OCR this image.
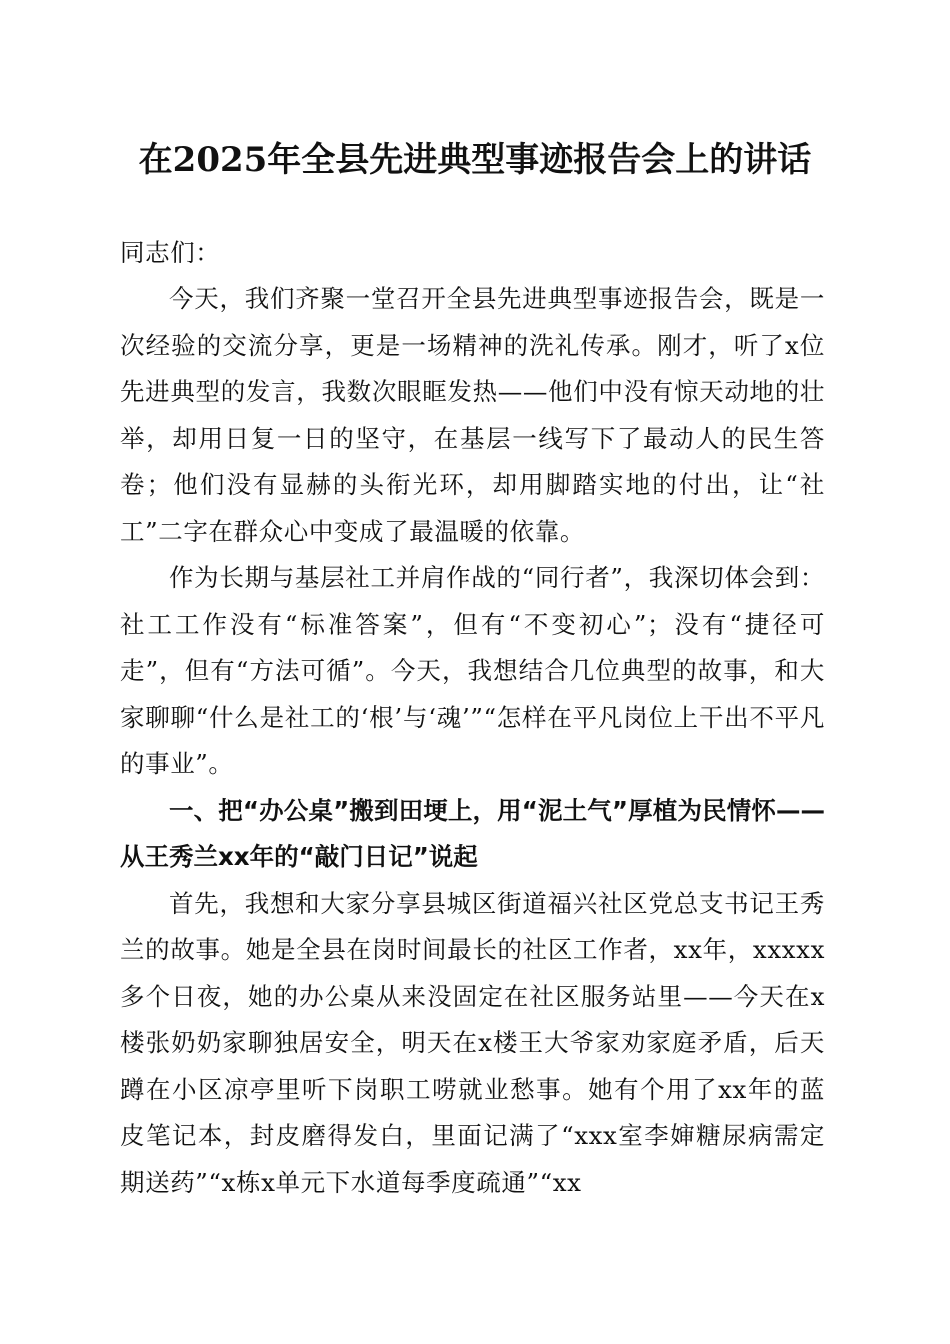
在2025年全县先进典型事迹报告会上的讲话
同志们：

今天，我们齐聚一堂召开全县先进典型事迹报告会，既是一次经验的交流分享，更是一场精神的洗礼传承。刚才，听了x位先进典型的发言，我数次眼眶发热——他们中没有惊天动地的壮举，却用日复一日的坚守，在基层一线写下了最动人的民生答卷；他们没有显赫的头衔光环，却用脚踏实地的付出，让“社工”二字在群众心中变成了最温暖的依靠。

作为长期与基层社工并肩作战的“同行者”，我深切体会到：社工工作没有“标准答案”，但有“不变初心”；没有“捷径可走”，但有“方法可循”。今天，我想结合几位典型的故事，和大家聊聊“什么是社工的‘根’与‘魂’”“怎样在平凡岗位上干出不平凡的事业”。

一、把“办公桌”搬到田埂上，用“泥土气”厚植为民情怀——从王秀兰xx年的“敲门日记”说起

首先，我想和大家分享县城区街道福兴社区党总支书记王秀兰的故事。她是全县在岗时间最长的社区工作者，xx年，xxxxx多个日夜，她的办公桌从来没固定在社区服务站里——今天在x楼张奶奶家聊独居安全，明天在x楼王大爷家劝家庭矛盾，后天蹲在小区凉亭里听下岗职工唠就业愁事。她有个用了xx年的蓝皮笔记本，封皮磨得发白，里面记满了“xxx室李婶糖尿病需定期送药”“x栋x单元下水道每季度疏通”“xx
